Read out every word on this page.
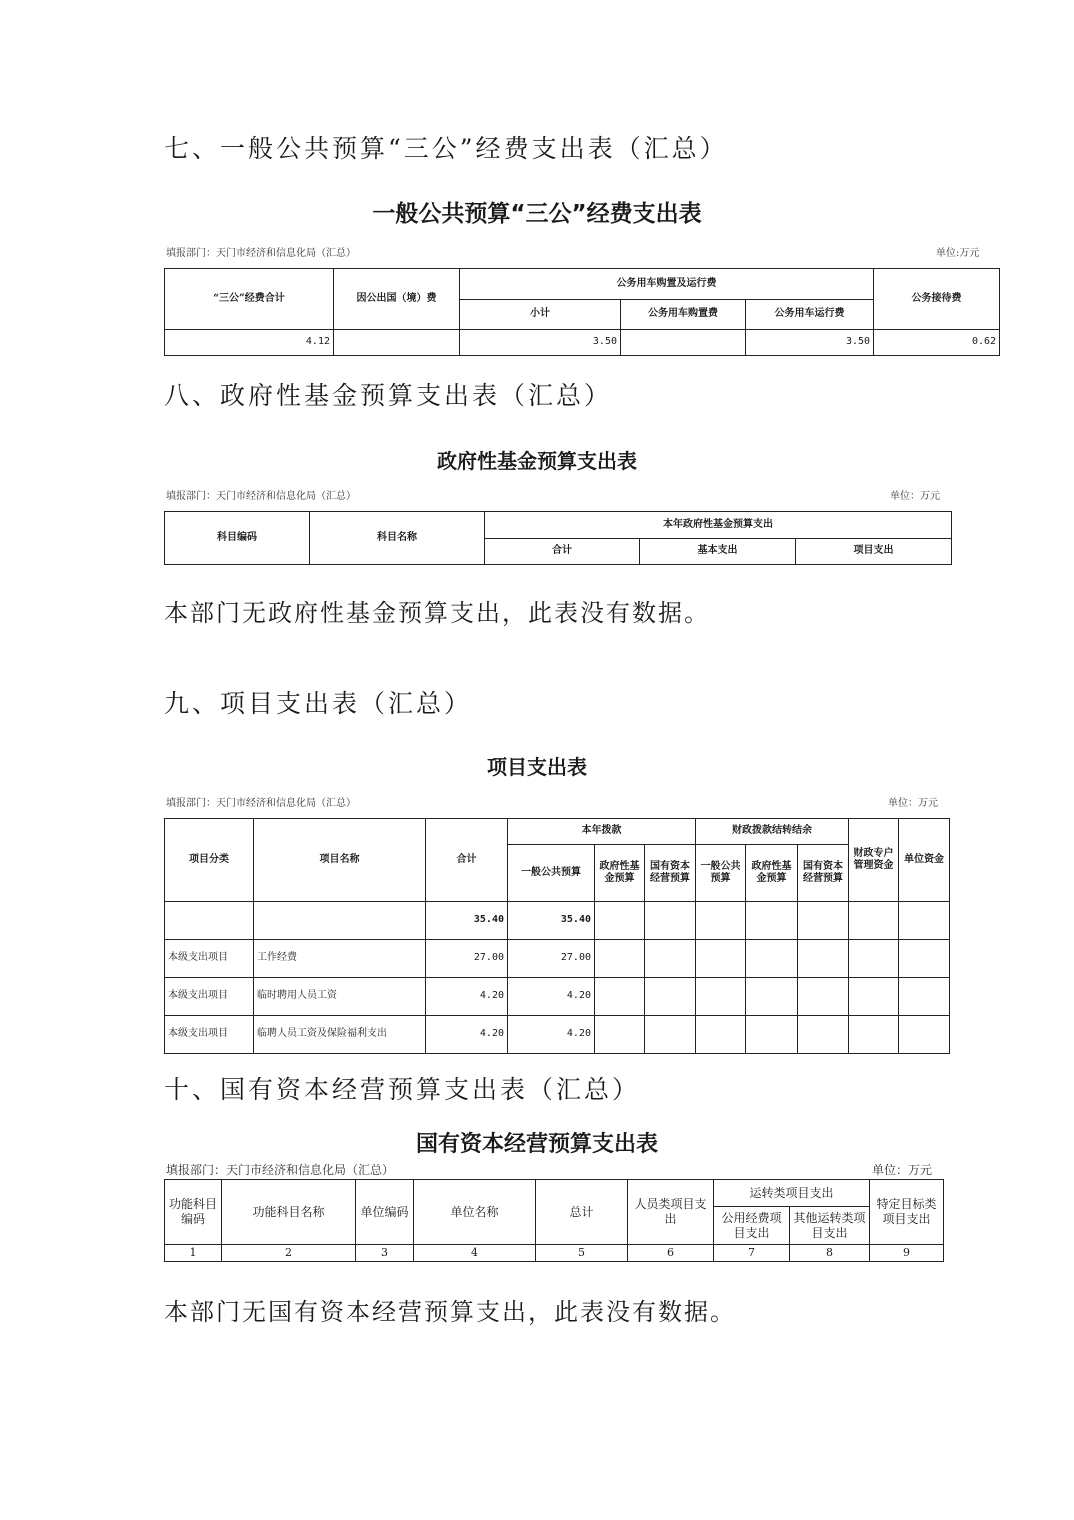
七、一般公共预算“三公”经费支出表（汇总）
一般公共预算“三公”经费支出表
填报部门：天门市经济和信息化局（汇总）	单位:万元
“三公”经费合计	因公出国（境）费	公务用车购置及运行费			公务接待费
		小计	公务用车购置费	公务用车运行费	
4.12		3.50		3.50	0.62
八、政府性基金预算支出表（汇总）
政府性基金预算支出表
填报部门：天门市经济和信息化局（汇总）	单位：万元
科目编码	科目名称	本年政府性基金预算支出		
		合计	基本支出	项目支出
本部门无政府性基金预算支出，此表没有数据。
九、项目支出表（汇总）
项目支出表
填报部门：天门市经济和信息化局（汇总）	单位：万元
项目分类	项目名称	合计	本年拨款			财政拨款结转结余			财政专户管理资金	单位资金
			一般公共预算	政府性基金预算	国有资本经营预算	一般公共预算	政府性基金预算	国有资本经营预算		
		35.40	35.40							
本级支出项目	工作经费	27.00	27.00							
本级支出项目	临时聘用人员工资	4.20	4.20							
本级支出项目	临聘人员工资及保险福利支出	4.20	4.20							
十、国有资本经营预算支出表（汇总）
国有资本经营预算支出表
填报部门：天门市经济和信息化局（汇总）	单位：万元
功能科目编码	功能科目名称	单位编码	单位名称	总计	人员类项目支出	运转类项目支出		特定目标类项目支出
						公用经费项目支出	其他运转类项目支出	
1	2	3	4	5	6	7	8	9
本部门无国有资本经营预算支出，此表没有数据。
